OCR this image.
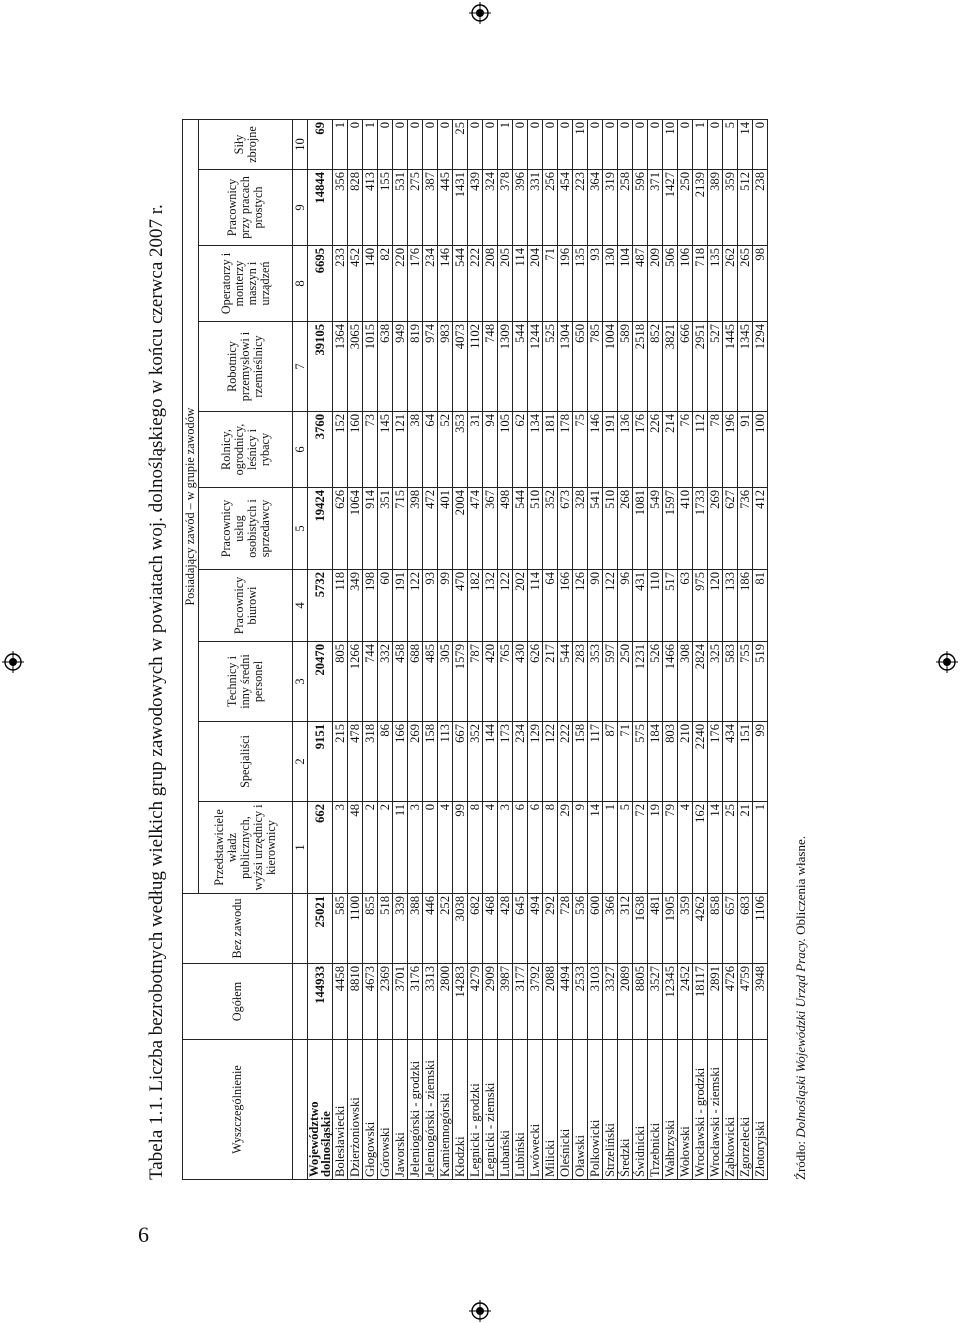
6
Tabela 1.1. Liczba bezrobotnych według wielkich grup zawodowych w powiatach woj. dolnośląskiego w końcu czerwca 2007 r.	Wyszczególnienie	Ogółem	Bez zawodu	Posiadający zawód – w grupie zawodów									
			Przedstawiciele władz publicznych, wyżsi urzędnicy i kierownicy	Specjaliści	Technicy i inny średni personel	Pracownicy biurowi	Pracownicy usług osobistych i sprzedawcy	Rolnicy, ogrodnicy, leśnicy i rybacy	Robotnicy przemysłowi i rzemieślnicy	Operatorzy i monterzy maszyn i urządzeń	Pracownicy przy pracach prostych	Siły zbrojne
			1	2	3	4	5	6	7	8	9	10

Województwo
dolnośląskie	144933	25021	662	9151	20470	5732	19424	3760	39105	6695	14844	69
Bolesławiecki	4458	585	3	215	805	118	626	152	1364	233	356	1
Dzierżoniowski	8810	1100	48	478	1266	349	1064	160	3065	452	828	0
Głogowski	4673	855	2	318	744	198	914	73	1015	140	413	1
Górowski	2369	518	2	86	332	60	351	145	638	82	155	0
Jaworski	3701	339	11	166	458	191	715	121	949	220	531	0
Jeleniogórski - grodzki	3176	388	3	269	688	122	398	38	819	176	275	0
Jeleniogórski - ziemski	3313	446	0	158	485	93	472	64	974	234	387	0
Kamiennogórski	2800	252	4	113	305	99	401	52	983	146	445	0
Kłodzki	14283	3038	99	667	1579	470	2004	353	4073	544	1431	25
Legnicki - grodzki	4279	682	8	352	787	182	474	31	1102	222	439	0
Legnicki - ziemski	2909	468	4	144	420	132	367	94	748	208	324	0
Lubański	3987	428	3	173	765	122	498	105	1309	205	378	1
Lubiński	3177	645	6	234	430	202	544	62	544	114	396	0
Lwówecki	3792	494	6	129	626	114	510	134	1244	204	331	0
Milicki	2088	292	8	122	217	64	352	181	525	71	256	0
Oleśnicki	4494	728	29	222	544	166	673	178	1304	196	454	0
Oławski	2533	536	9	158	283	126	328	75	650	135	223	10
Polkowicki	3103	600	14	117	353	90	541	146	785	93	364	0
Strzeliński	3327	366	1	87	597	122	510	191	1004	130	319	0
Średzki	2089	312	5	71	250	96	268	136	589	104	258	0
Świdnicki	8805	1638	72	575	1231	431	1081	176	2518	487	596	0
Trzebnicki	3527	481	19	184	526	110	549	226	852	209	371	0
Wałbrzyski	12345	1905	79	803	1466	517	1597	214	3821	506	1427	10
Wołowski	2452	359	4	210	308	63	410	76	666	106	250	0
Wrocławski - grodzki	18117	4262	162	2240	2824	975	1733	112	2951	718	2139	1
Wrocławski - ziemski	2891	858	14	176	325	120	269	78	527	135	389	0
Ząbkowicki	4726	657	25	434	583	133	627	196	1445	262	359	5
Zgorzelecki	4759	683	21	151	755	186	736	91	1345	265	512	14
Złotoryjski	3948	1106	1	99	519	81	412	100	1294	98	238	0
Źródło: Dolnośląski Wojewódzki Urząd Pracy. Obliczenia własne.
